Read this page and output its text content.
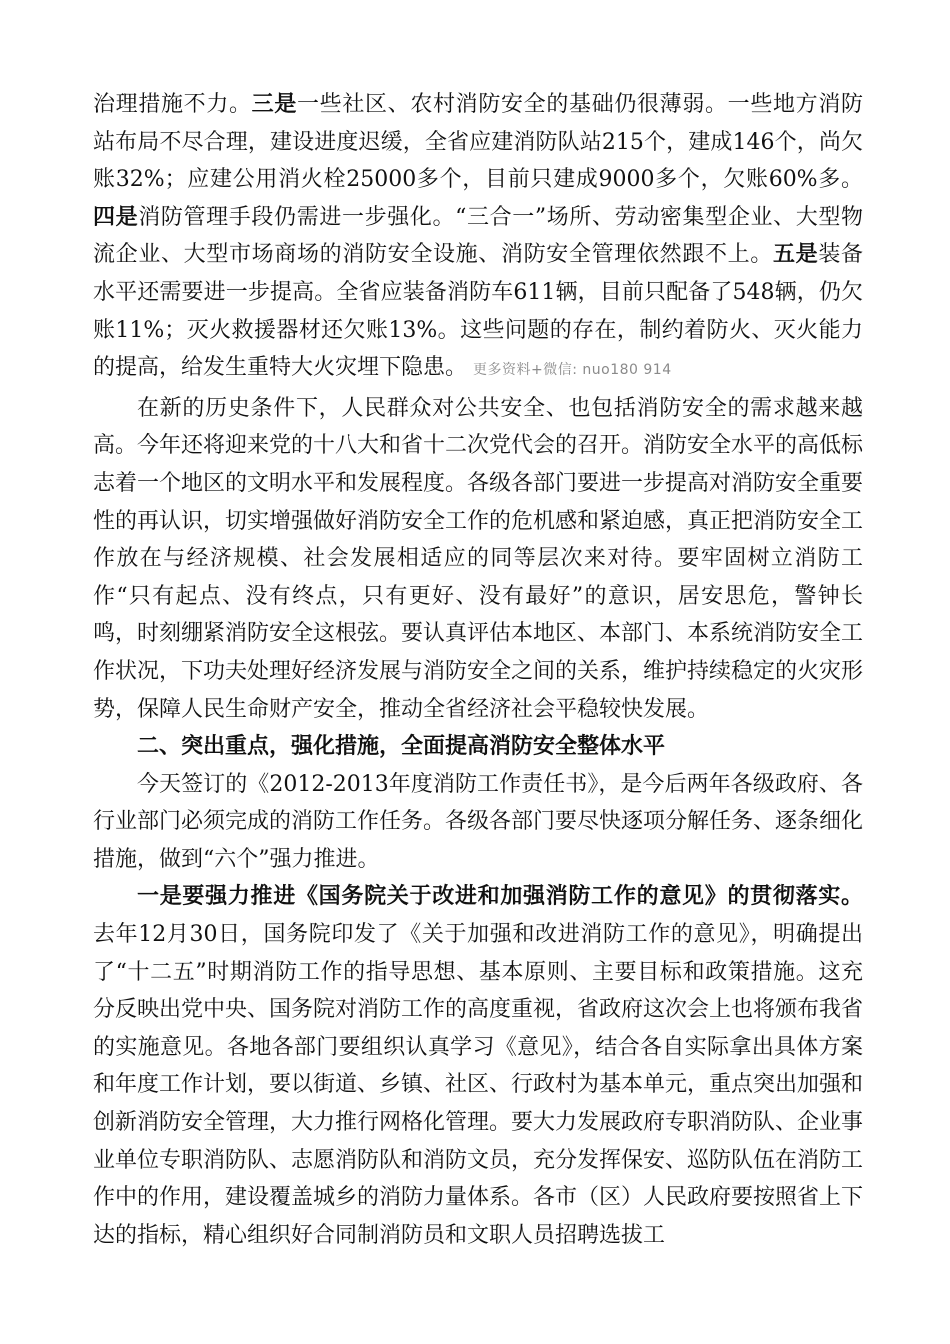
治理措施不力。三是一些社区、农村消防安全的基础仍很薄弱。一些地方消防站布局不尽合理，建设进度迟缓，全省应建消防队站215个，建成146个，尚欠账32%；应建公用消火栓25000多个，目前只建成9000多个，欠账60%多。四是消防管理手段仍需进一步强化。“三合一”场所、劳动密集型企业、大型物流企业、大型市场商场的消防安全设施、消防安全管理依然跟不上。五是装备水平还需要进一步提高。全省应装备消防车611辆，目前只配备了548辆，仍欠账11%；灭火救援器材还欠账13%。这些问题的存在，制约着防火、灭火能力的提高，给发生重特大火灾埋下隐患。 更多资料+微信: nuo180 914

在新的历史条件下，人民群众对公共安全、也包括消防安全的需求越来越高。今年还将迎来党的十八大和省十二次党代会的召开。消防安全水平的高低标志着一个地区的文明水平和发展程度。各级各部门要进一步提高对消防安全重要性的再认识，切实增强做好消防安全工作的危机感和紧迫感，真正把消防安全工作放在与经济规模、社会发展相适应的同等层次来对待。要牢固树立消防工作“只有起点、没有终点，只有更好、没有最好”的意识，居安思危，警钟长鸣，时刻绷紧消防安全这根弦。要认真评估本地区、本部门、本系统消防安全工作状况，下功夫处理好经济发展与消防安全之间的关系，维护持续稳定的火灾形势，保障人民生命财产安全，推动全省经济社会平稳较快发展。

二、突出重点，强化措施，全面提高消防安全整体水平

今天签订的《2012-2013年度消防工作责任书》，是今后两年各级政府、各行业部门必须完成的消防工作任务。各级各部门要尽快逐项分解任务、逐条细化措施，做到“六个”强力推进。

一是要强力推进《国务院关于改进和加强消防工作的意见》的贯彻落实。去年12月30日，国务院印发了《关于加强和改进消防工作的意见》，明确提出了“十二五”时期消防工作的指导思想、基本原则、主要目标和政策措施。这充分反映出党中央、国务院对消防工作的高度重视，省政府这次会上也将颁布我省的实施意见。各地各部门要组织认真学习《意见》，结合各自实际拿出具体方案和年度工作计划，要以街道、乡镇、社区、行政村为基本单元，重点突出加强和创新消防安全管理，大力推行网格化管理。要大力发展政府专职消防队、企业事业单位专职消防队、志愿消防队和消防文员，充分发挥保安、巡防队伍在消防工作中的作用，建设覆盖城乡的消防力量体系。各市（区）人民政府要按照省上下达的指标，精心组织好合同制消防员和文职人员招聘选拔工
